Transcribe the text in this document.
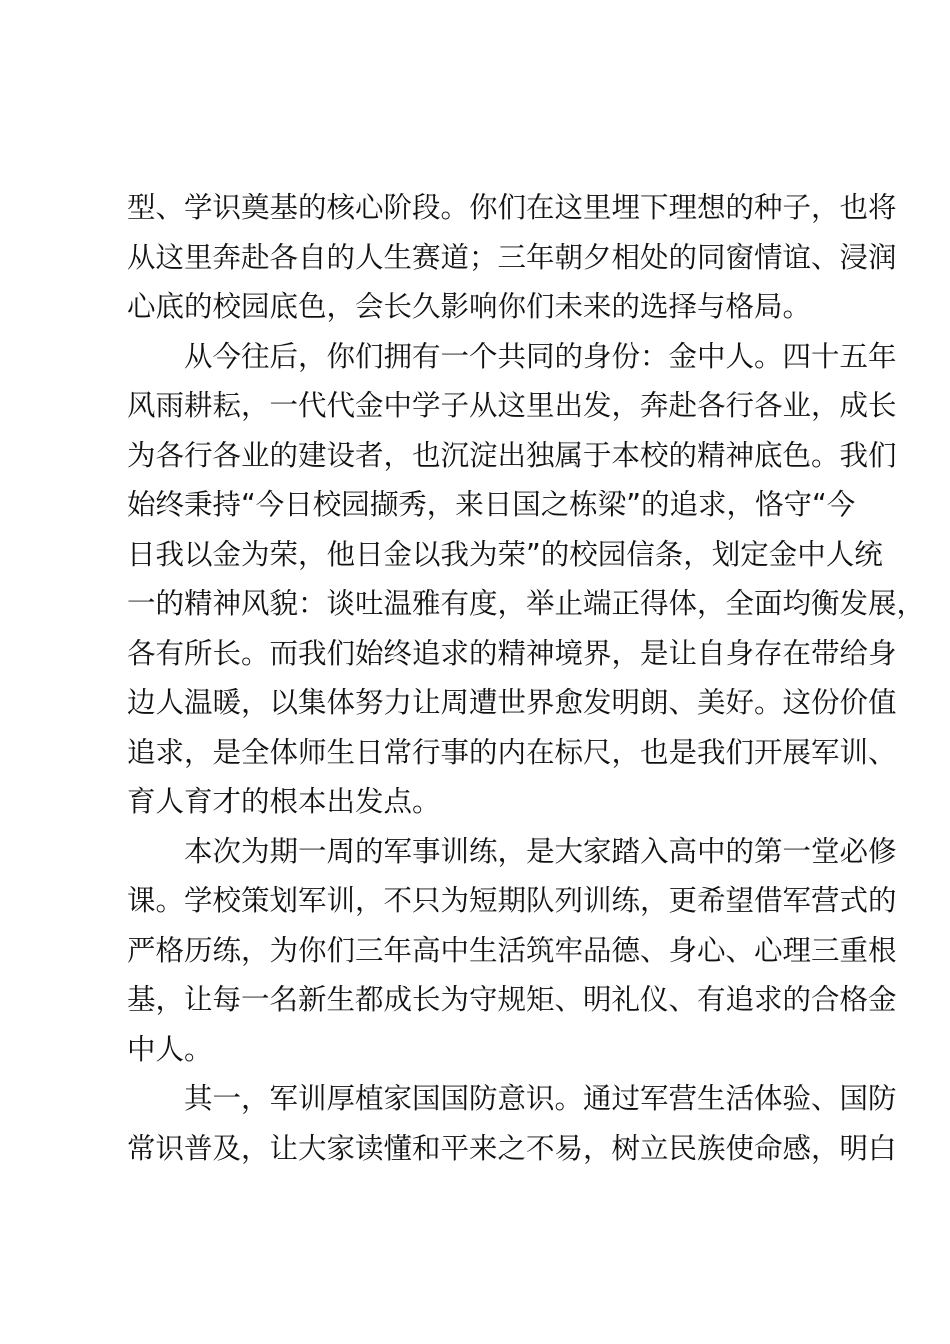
型、学识奠基的核心阶段。你们在这里埋下理想的种子，也将
从这里奔赴各自的人生赛道；三年朝夕相处的同窗情谊、浸润
心底的校园底色，会长久影响你们未来的选择与格局。
从今往后，你们拥有一个共同的身份：金中人。四十五年
风雨耕耘，一代代金中学子从这里出发，奔赴各行各业，成长
为各行各业的建设者，也沉淀出独属于本校的精神底色。我们
始终秉持“今日校园撷秀，来日国之栋梁”的追求，恪守“今
日我以金为荣，他日金以我为荣”的校园信条，划定金中人统
一的精神风貌：谈吐温雅有度，举止端正得体，全面均衡发展，
各有所长。而我们始终追求的精神境界，是让自身存在带给身
边人温暖，以集体努力让周遭世界愈发明朗、美好。这份价值
追求，是全体师生日常行事的内在标尺，也是我们开展军训、
育人育才的根本出发点。
本次为期一周的军事训练，是大家踏入高中的第一堂必修
课。学校策划军训，不只为短期队列训练，更希望借军营式的
严格历练，为你们三年高中生活筑牢品德、身心、心理三重根
基，让每一名新生都成长为守规矩、明礼仪、有追求的合格金
中人。
其一，军训厚植家国国防意识。通过军营生活体验、国防
常识普及，让大家读懂和平来之不易，树立民族使命感，明白
